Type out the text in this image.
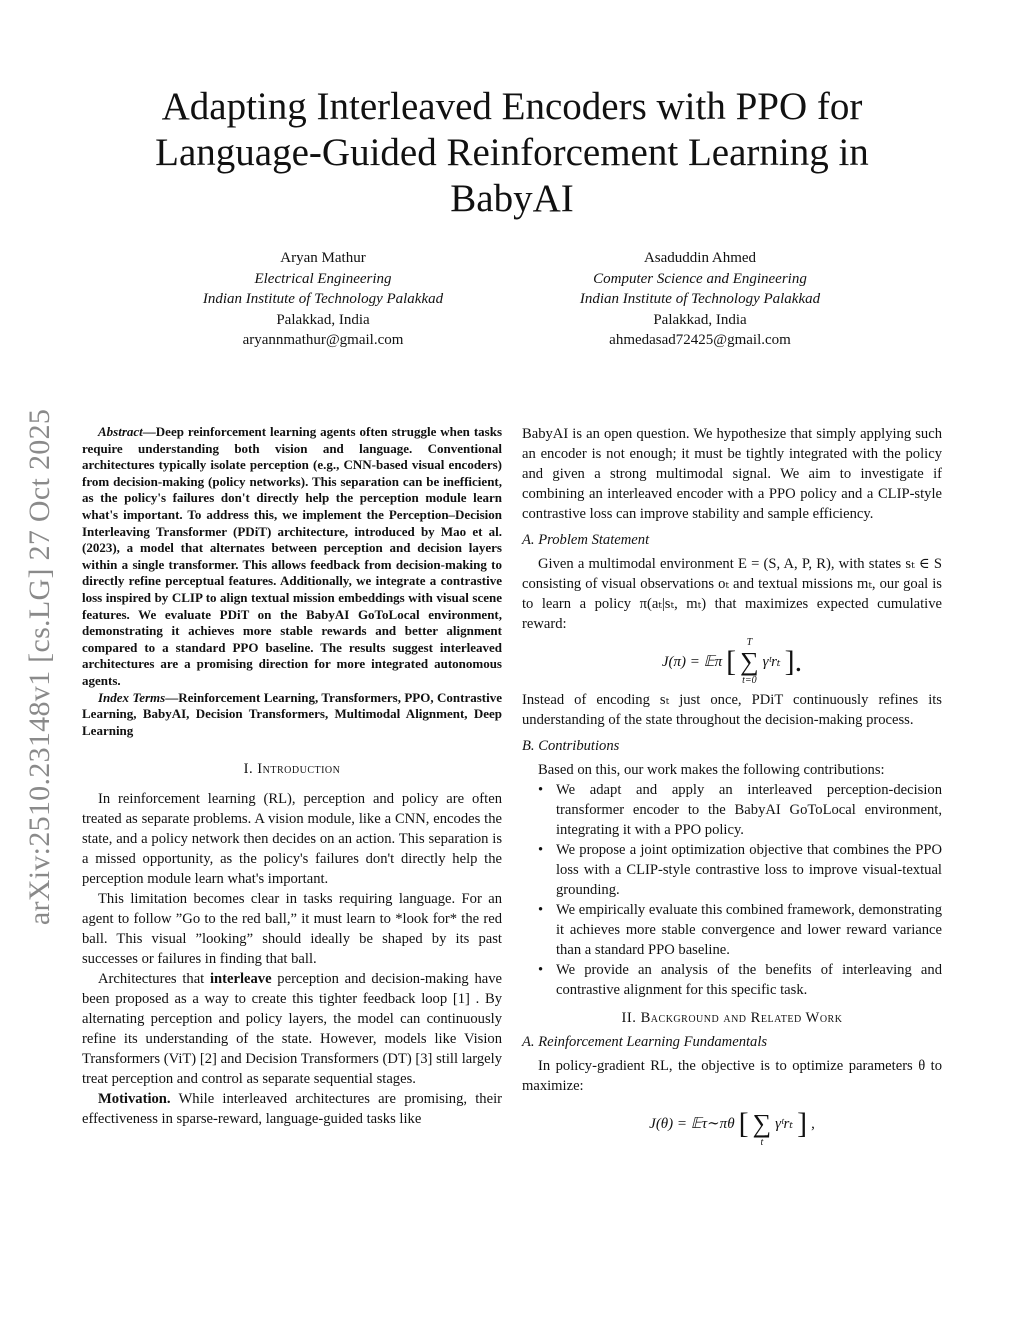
arXiv:2510.23148v1 [cs.LG] 27 Oct 2025
Adapting Interleaved Encoders with PPO for Language-Guided Reinforcement Learning in BabyAI
Aryan Mathur
Electrical Engineering
Indian Institute of Technology Palakkad
Palakkad, India
aryannmathur@gmail.com
Asaduddin Ahmed
Computer Science and Engineering
Indian Institute of Technology Palakkad
Palakkad, India
ahmedasad72425@gmail.com

Abstract—Deep reinforcement learning agents often struggle when tasks require understanding both vision and language. Conventional architectures typically isolate perception (e.g., CNN-based visual encoders) from decision-making (policy networks). This separation can be inefficient, as the policy's failures don't directly help the perception module learn what's important. To address this, we implement the Perception–Decision Interleaving Transformer (PDiT) architecture, introduced by Mao et al. (2023), a model that alternates between perception and decision layers within a single transformer. This allows feedback from decision-making to directly refine perceptual features. Additionally, we integrate a contrastive loss inspired by CLIP to align textual mission embeddings with visual scene features. We evaluate PDiT on the BabyAI GoToLocal environment, demonstrating it achieves more stable rewards and better alignment compared to a standard PPO baseline. The results suggest interleaved architectures are a promising direction for more integrated autonomous agents.

Index Terms—Reinforcement Learning, Transformers, PPO, Contrastive Learning, BabyAI, Decision Transformers, Multimodal Alignment, Deep Learning

I. Introduction

In reinforcement learning (RL), perception and policy are often treated as separate problems. A vision module, like a CNN, encodes the state, and a policy network then decides on an action. This separation is a missed opportunity, as the policy's failures don't directly help the perception module learn what's important.

This limitation becomes clear in tasks requiring language. For an agent to follow ”Go to the red ball,” it must learn to *look for* the red ball. This visual ”looking” should ideally be shaped by its past successes or failures in finding that ball.

Architectures that interleave perception and decision-making have been proposed as a way to create this tighter feedback loop [1] . By alternating perception and policy layers, the model can continuously refine its understanding of the state. However, models like Vision Transformers (ViT) [2] and Decision Transformers (DT) [3] still largely treat perception and control as separate sequential stages.

Motivation. While interleaved architectures are promising, their effectiveness in sparse-reward, language-guided tasks like

BabyAI is an open question. We hypothesize that simply applying such an encoder is not enough; it must be tightly integrated with the policy and given a strong multimodal signal. We aim to investigate if combining an interleaved encoder with a PPO policy and a CLIP-style contrastive loss can improve stability and sample efficiency.

A. Problem Statement

Given a multimodal environment E = (S, A, P, R), with states sₜ ∈ S consisting of visual observations oₜ and textual missions mₜ, our goal is to learn a policy π(aₜ|sₜ, mₜ) that maximizes expected cumulative reward:

J(π) = 𝔼π [
T
∑
t=0
γᵗrₜ ].

Instead of encoding sₜ just once, PDiT continuously refines its understanding of the state throughout the decision-making process.

B. Contributions

Based on this, our work makes the following contributions:

• We adapt and apply an interleaved perception-decision transformer encoder to the BabyAI GoToLocal environment, integrating it with a PPO policy.
• We propose a joint optimization objective that combines the PPO loss with a CLIP-style contrastive loss to improve visual-textual grounding.
• We empirically evaluate this combined framework, demonstrating it achieves more stable convergence and lower reward variance than a standard PPO baseline.
• We provide an analysis of the benefits of interleaving and contrastive alignment for this specific task.
II. Background and Related Work
A. Reinforcement Learning Fundamentals

In policy-gradient RL, the objective is to optimize parameters θ to maximize:

J(θ) = 𝔼τ∼πθ [
∑
t
γᵗrₜ ] ,
